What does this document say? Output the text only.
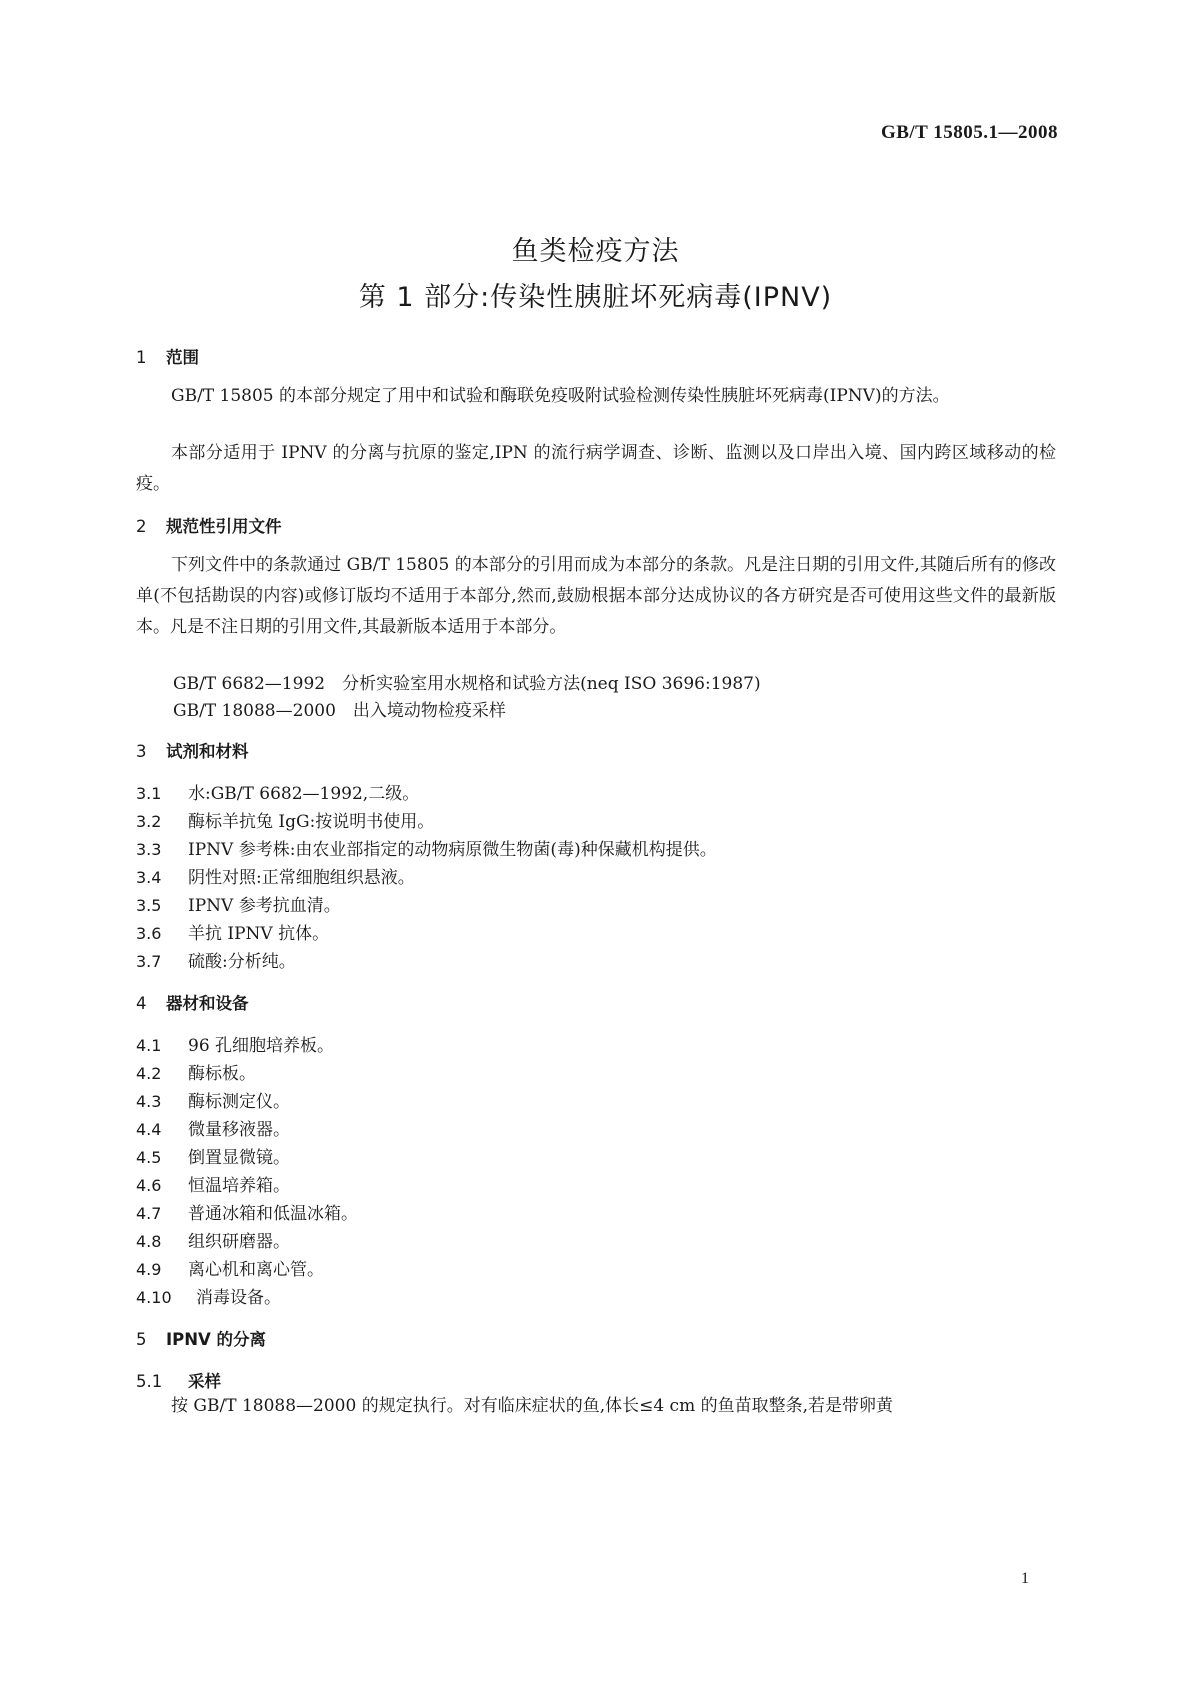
GB/T 15805.1—2008
鱼类检疫方法
第 1 部分:传染性胰脏坏死病毒(IPNV)
1 范围

GB/T 15805 的本部分规定了用中和试验和酶联免疫吸附试验检测传染性胰脏坏死病毒(IPNV)的方法。

本部分适用于 IPNV 的分离与抗原的鉴定,IPN 的流行病学调查、诊断、监测以及口岸出入境、国内跨区域移动的检疫。

2 规范性引用文件

下列文件中的条款通过 GB/T 15805 的本部分的引用而成为本部分的条款。凡是注日期的引用文件,其随后所有的修改单(不包括勘误的内容)或修订版均不适用于本部分,然而,鼓励根据本部分达成协议的各方研究是否可使用这些文件的最新版本。凡是不注日期的引用文件,其最新版本适用于本部分。

GB/T 6682—1992　分析实验室用水规格和试验方法(neq ISO 3696:1987)
GB/T 18088—2000　出入境动物检疫采样
3 试剂和材料
3.1 水:GB/T 6682—1992,二级。
3.2 酶标羊抗兔 IgG:按说明书使用。
3.3 IPNV 参考株:由农业部指定的动物病原微生物菌(毒)种保藏机构提供。
3.4 阴性对照:正常细胞组织悬液。
3.5 IPNV 参考抗血清。
3.6 羊抗 IPNV 抗体。
3.7 硫酸:分析纯。
4 器材和设备
4.1 96 孔细胞培养板。
4.2 酶标板。
4.3 酶标测定仪。
4.4 微量移液器。
4.5 倒置显微镜。
4.6 恒温培养箱。
4.7 普通冰箱和低温冰箱。
4.8 组织研磨器。
4.9 离心机和离心管。
4.10 消毒设备。
5 IPNV 的分离
5.1 采样

按 GB/T 18088—2000 的规定执行。对有临床症状的鱼,体长≤4 cm 的鱼苗取整条,若是带卵黄

1
